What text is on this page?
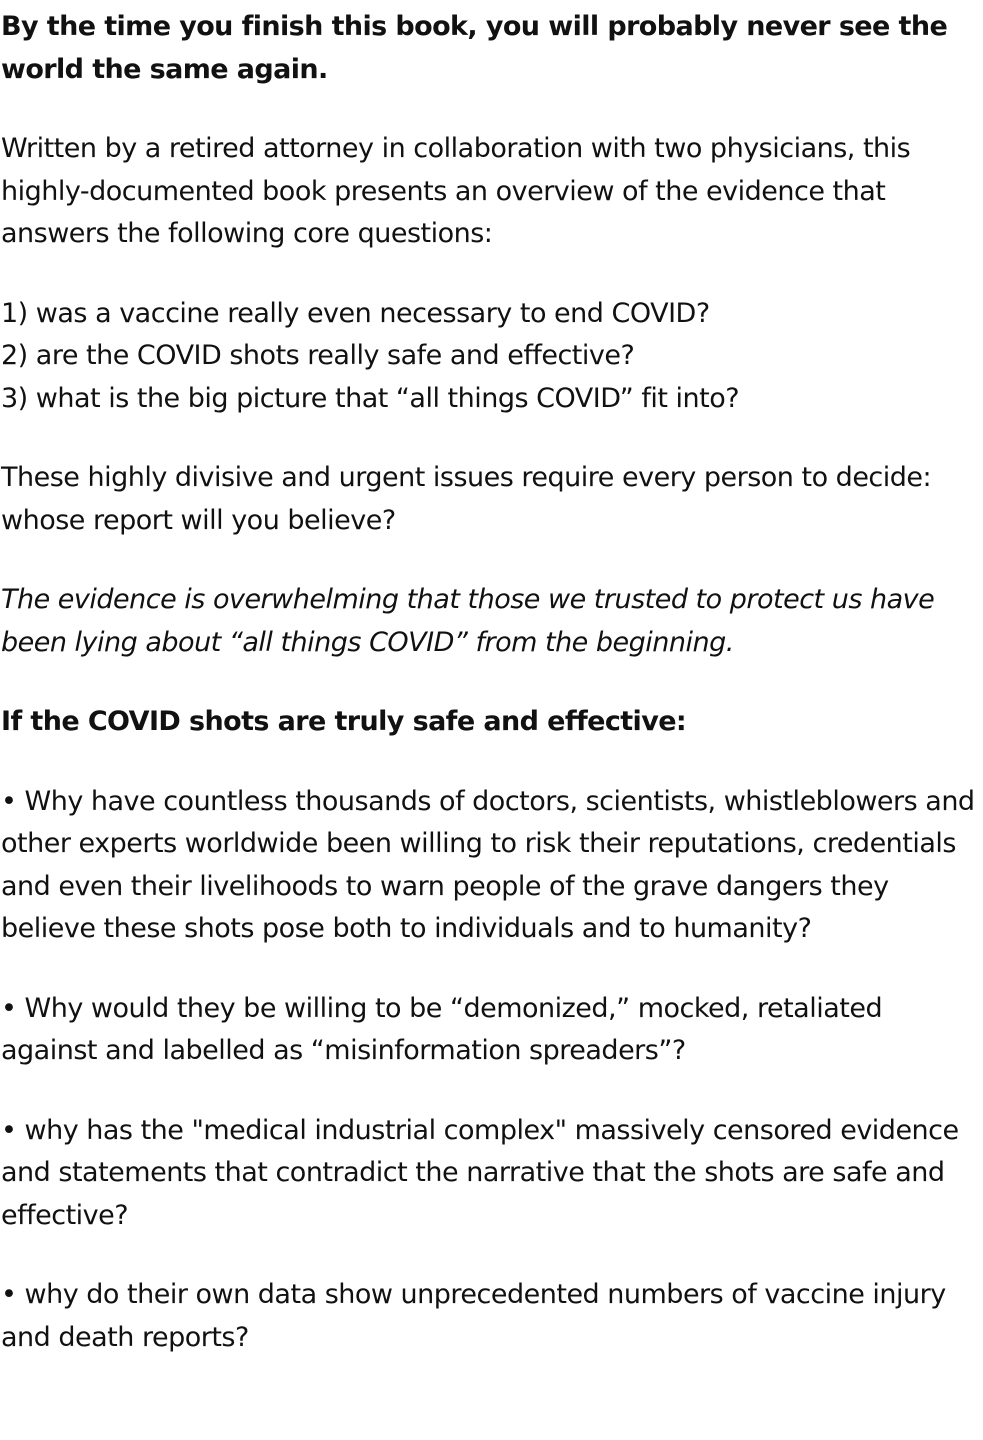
By the time you finish this book, you will probably never see the world the same again.

Written by a retired attorney in collaboration with two physicians, this highly-documented book presents an overview of the evidence that answers the following core questions:

1) was a vaccine really even necessary to end COVID?
2) are the COVID shots really safe and effective?
3) what is the big picture that “all things COVID” fit into?

These highly divisive and urgent issues require every person to decide: whose report will you believe?

The evidence is overwhelming that those we trusted to protect us have been lying about “all things COVID” from the beginning.

If the COVID shots are truly safe and effective:

• Why have countless thousands of doctors, scientists, whistleblowers and other experts worldwide been willing to risk their reputations, credentials and even their livelihoods to warn people of the grave dangers they believe these shots pose both to individuals and to humanity?

• Why would they be willing to be “demonized,” mocked, retaliated against and labelled as “misinformation spreaders”?

• why has the "medical industrial complex" massively censored evidence and statements that contradict the narrative that the shots are safe and effective?

• why do their own data show unprecedented numbers of vaccine injury and death reports?
